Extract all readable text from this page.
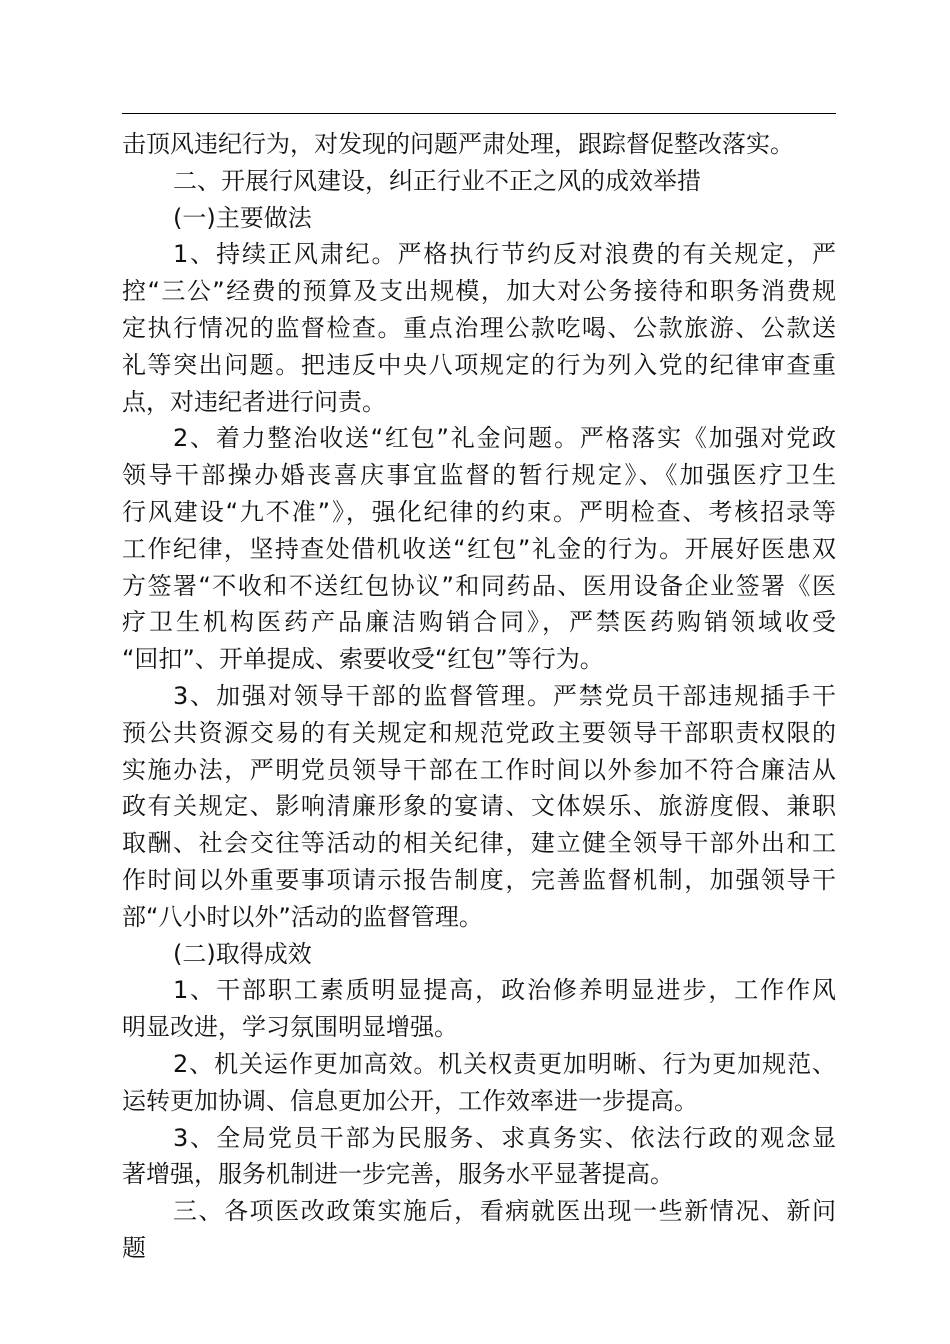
击顶风违纪行为，对发现的问题严肃处理，跟踪督促整改落实。
二、开展行风建设，纠正行业不正之风的成效举措
(一)主要做法
1、持续正风肃纪。严格执行节约反对浪费的有关规定，严
控“三公”经费的预算及支出规模，加大对公务接待和职务消费规
定执行情况的监督检查。重点治理公款吃喝、公款旅游、公款送
礼等突出问题。把违反中央八项规定的行为列入党的纪律审查重
点，对违纪者进行问责。
2、着力整治收送“红包”礼金问题。严格落实《加强对党政
领导干部操办婚丧喜庆事宜监督的暂行规定》、《加强医疗卫生
行风建设“九不准”》，强化纪律的约束。严明检查、考核招录等
工作纪律，坚持查处借机收送“红包”礼金的行为。开展好医患双
方签署“不收和不送红包协议”和同药品、医用设备企业签署《医
疗卫生机构医药产品廉洁购销合同》，严禁医药购销领域收受
“回扣”、开单提成、索要收受“红包”等行为。
3、加强对领导干部的监督管理。严禁党员干部违规插手干
预公共资源交易的有关规定和规范党政主要领导干部职责权限的
实施办法，严明党员领导干部在工作时间以外参加不符合廉洁从
政有关规定、影响清廉形象的宴请、文体娱乐、旅游度假、兼职
取酬、社会交往等活动的相关纪律，建立健全领导干部外出和工
作时间以外重要事项请示报告制度，完善监督机制，加强领导干
部“八小时以外”活动的监督管理。
(二)取得成效
1、干部职工素质明显提高，政治修养明显进步，工作作风
明显改进，学习氛围明显增强。
2、机关运作更加高效。机关权责更加明晰、行为更加规范、
运转更加协调、信息更加公开，工作效率进一步提高。
3、全局党员干部为民服务、求真务实、依法行政的观念显
著增强，服务机制进一步完善，服务水平显著提高。
三、各项医改政策实施后，看病就医出现一些新情况、新问
题
